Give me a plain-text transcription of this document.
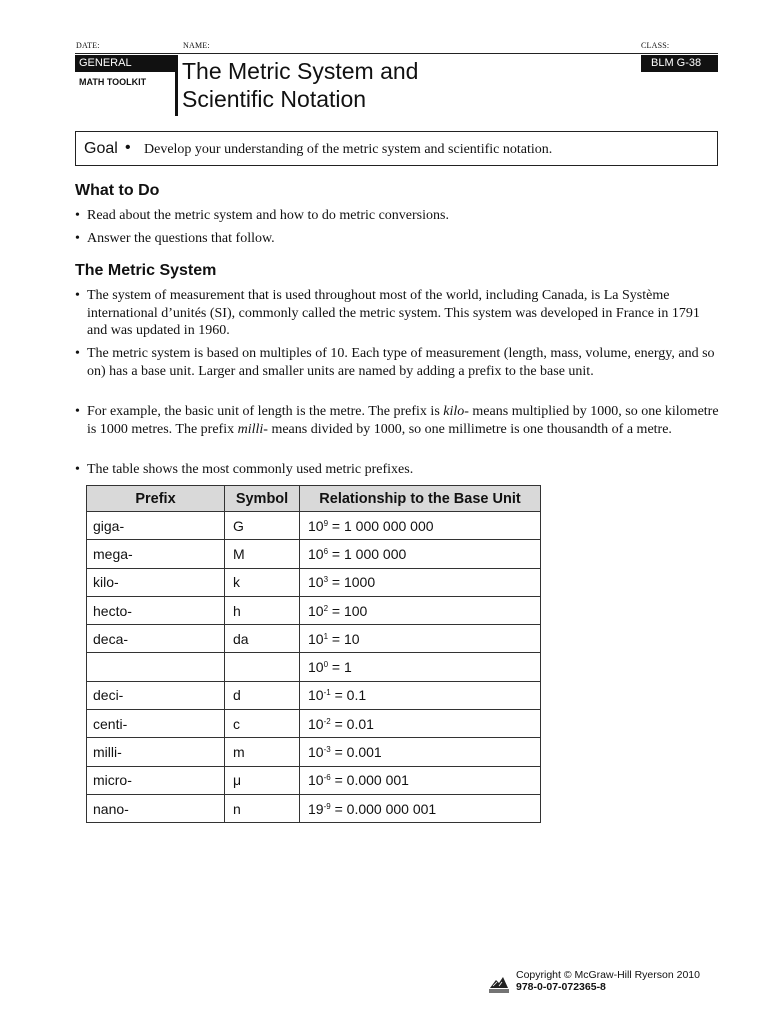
DATE:	NAME:	CLASS:
GENERAL
MATH TOOLKIT The Metric System and
Scientific Notation
BLM G-38
Goal • Develop your understanding of the metric system and scientific notation.
What to Do
• Read about the metric system and how to do metric conversions.
• Answer the questions that follow.
The Metric System
• The system of measurement that is used throughout most of the world, including Canada, is La Système international d’unités (SI), commonly called the metric system. This system was developed in France in 1791 and was updated in 1960.
• The metric system is based on multiples of 10. Each type of measurement (length, mass, volume, energy, and so on) has a base unit. Larger and smaller units are named by adding a prefix to the base unit.
• For example, the basic unit of length is the metre. The prefix is kilo- means multiplied by 1000, so one kilometre is 1000 metres. The prefix milli- means divided by 1000, so one millimetre is one thousandth of a metre.
• The table shows the most commonly used metric prefixes.
Prefix	Symbol	Relationship to the Base Unit
giga-	G	$10^9 = 1$ 000 000 000
mega-	M	$10^6 = 1$ 000 000
kilo-	k	$10^3 = 1000$
hecto-	h	$10^2 = 100$
deca-	da	$10^1 = 10$
		$10^0 = 1$
deci-	d	$10^{-1} = 0.1$
centi-	c	$10^{-2} = 0.01$
milli-	m	$10^{-3} = 0.001$
micro-	μ	$10^{-6} = 0.000$ 001
nano-	n	$19^{-9} = 0.000$ 000 001
Copyright © McGraw-Hill Ryerson 2010
978-0-07-072365-8
